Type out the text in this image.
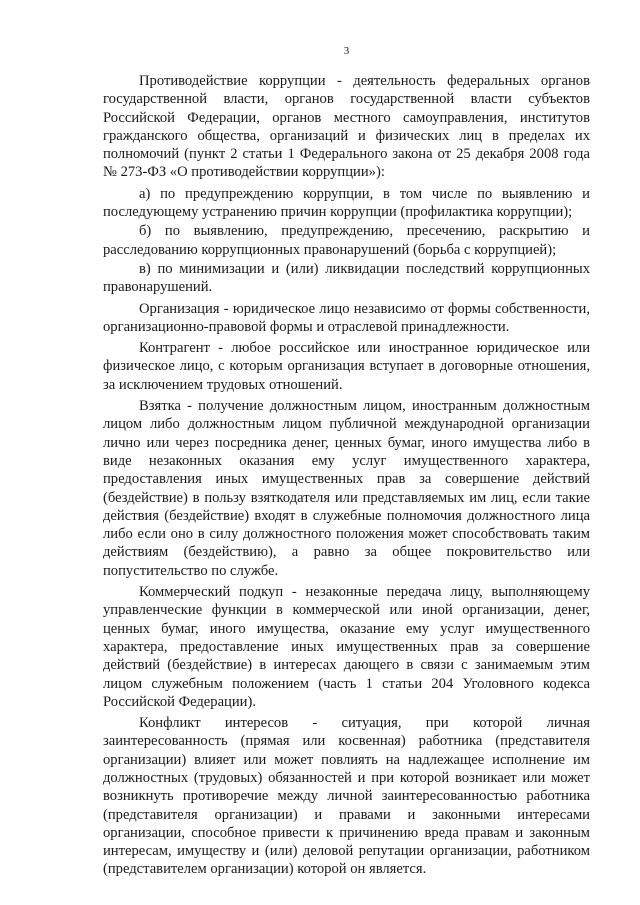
3

Противодействие коррупции - деятельность федеральных органов государственной власти, органов государственной власти субъектов Российской Федерации, органов местного самоуправления, институтов гражданского общества, организаций и физических лиц в пределах их полномочий (пункт 2 статьи 1 Федерального закона от 25 декабря 2008 года № 273-ФЗ «О противодействии коррупции»):

а) по предупреждению коррупции, в том числе по выявлению и последующему устранению причин коррупции (профилактика коррупции);

б) по выявлению, предупреждению, пресечению, раскрытию и расследованию коррупционных правонарушений (борьба с коррупцией);

в) по минимизации и (или) ликвидации последствий коррупционных правонарушений.

Организация - юридическое лицо независимо от формы собственности, организационно-правовой формы и отраслевой принадлежности.

Контрагент - любое российское или иностранное юридическое или физическое лицо, с которым организация вступает в договорные отношения, за исключением трудовых отношений.

Взятка - получение должностным лицом, иностранным должностным лицом либо должностным лицом публичной международной организации лично или через посредника денег, ценных бумаг, иного имущества либо в виде незаконных оказания ему услуг имущественного характера, предоставления иных имущественных прав за совершение действий (бездействие) в пользу взяткодателя или представляемых им лиц, если такие действия (бездействие) входят в служебные полномочия должностного лица либо если оно в силу должностного положения может способствовать таким действиям (бездействию), а равно за общее покровительство или попустительство по службе.

Коммерческий подкуп - незаконные передача лицу, выполняющему управленческие функции в коммерческой или иной организации, денег, ценных бумаг, иного имущества, оказание ему услуг имущественного характера, предоставление иных имущественных прав за совершение действий (бездействие) в интересах дающего в связи с занимаемым этим лицом служебным положением (часть 1 статьи 204 Уголовного кодекса Российской Федерации).

Конфликт интересов - ситуация, при которой личная заинтересованность (прямая или косвенная) работника (представителя организации) влияет или может повлиять на надлежащее исполнение им должностных (трудовых) обязанностей и при которой возникает или может возникнуть противоречие между личной заинтересованностью работника (представителя организации) и правами и законными интересами организации, способное привести к причинению вреда правам и законным интересам, имуществу и (или) деловой репутации организации, работником (представителем организации) которой он является.
